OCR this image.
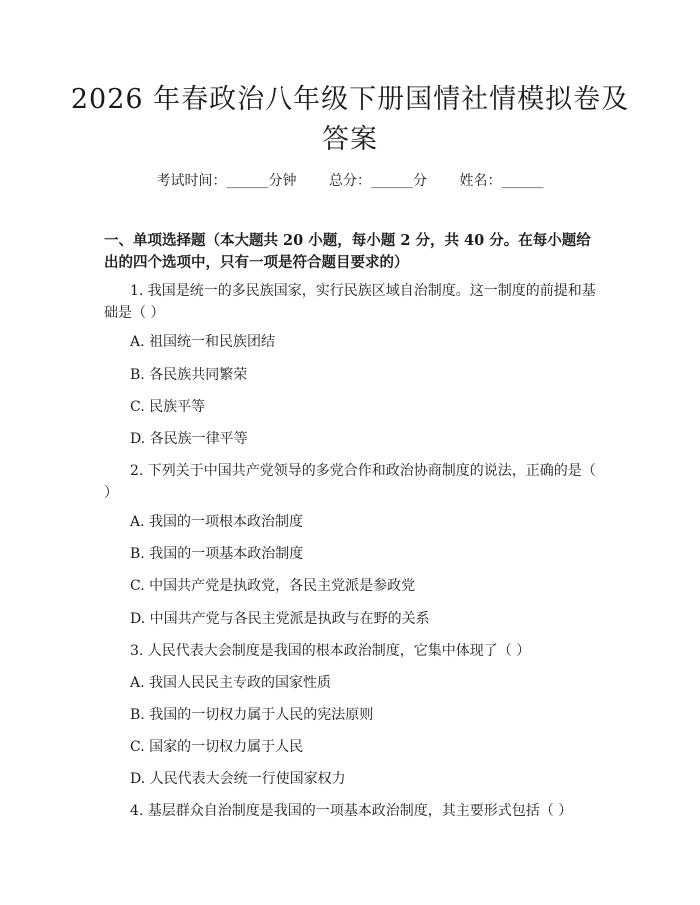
2026 年春政治八年级下册国情社情模拟卷及
答案
考试时间：______分钟 总分：______分 姓名：______
一、单项选择题（本大题共 20 小题，每小题 2 分，共 40 分。在每小题给出的四个选项中，只有一项是符合题目要求的）
1. 我国是统一的多民族国家，实行民族区域自治制度。这一制度的前提和基础是（ ）
A. 祖国统一和民族团结
B. 各民族共同繁荣
C. 民族平等
D. 各民族一律平等
2. 下列关于中国共产党领导的多党合作和政治协商制度的说法，正确的是（ ）
A. 我国的一项根本政治制度
B. 我国的一项基本政治制度
C. 中国共产党是执政党，各民主党派是参政党
D. 中国共产党与各民主党派是执政与在野的关系
3. 人民代表大会制度是我国的根本政治制度，它集中体现了（ ）
A. 我国人民民主专政的国家性质
B. 我国的一切权力属于人民的宪法原则
C. 国家的一切权力属于人民
D. 人民代表大会统一行使国家权力
4. 基层群众自治制度是我国的一项基本政治制度，其主要形式包括（ ）
